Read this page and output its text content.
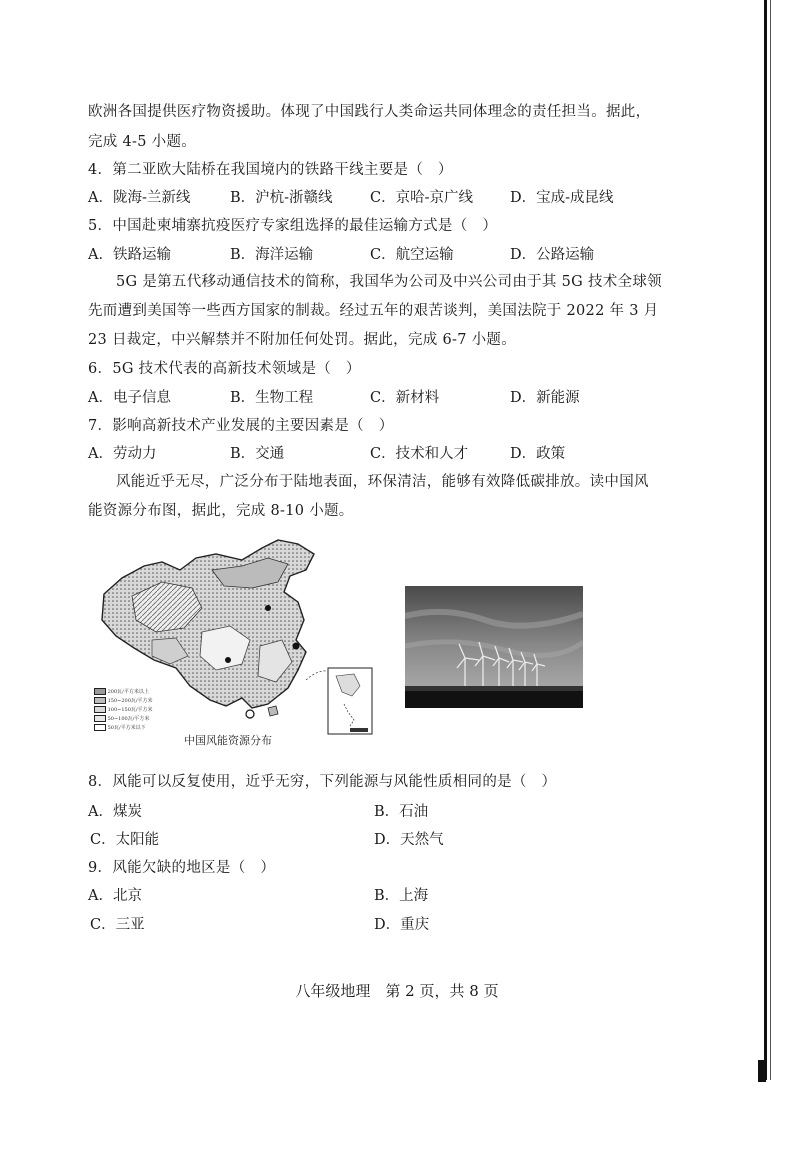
欧洲各国提供医疗物资援助。体现了中国践行人类命运共同体理念的责任担当。据此，
完成 4-5 小题。
4．第二亚欧大陆桥在我国境内的铁路干线主要是（　）
A．陇海-兰新线	B．沪杭-浙赣线	C．京哈-京广线	D．宝成-成昆线
5．中国赴柬埔寨抗疫医疗专家组选择的最佳运输方式是（　）
A．铁路运输	B．海洋运输	C．航空运输	D．公路运输
5G 是第五代移动通信技术的简称，我国华为公司及中兴公司由于其 5G 技术全球领
先而遭到美国等一些西方国家的制裁。经过五年的艰苦谈判，美国法院于 2022 年 3 月
23 日裁定，中兴解禁并不附加任何处罚。据此，完成 6-7 小题。
6．5G 技术代表的高新技术领域是（　）
A．电子信息	B．生物工程	C．新材料	D．新能源
7．影响高新技术产业发展的主要因素是（　）
A．劳动力	B．交通	C．技术和人才	D．政策
风能近乎无尽，广泛分布于陆地表面，环保清洁，能够有效降低碳排放。读中国风
能资源分布图，据此，完成 8-10 小题。
200瓦/平方米以上
150~200瓦/平方米
100~150瓦/平方米
50~100瓦/平方米
50瓦/平方米以下
中国风能资源分布
8．风能可以反复使用，近乎无穷，下列能源与风能性质相同的是（　）
A．煤炭	B．石油
C．太阳能	D．天然气
9．风能欠缺的地区是（　）
A．北京	B．上海
C．三亚	D．重庆
八年级地理　第 2 页，共 8 页
